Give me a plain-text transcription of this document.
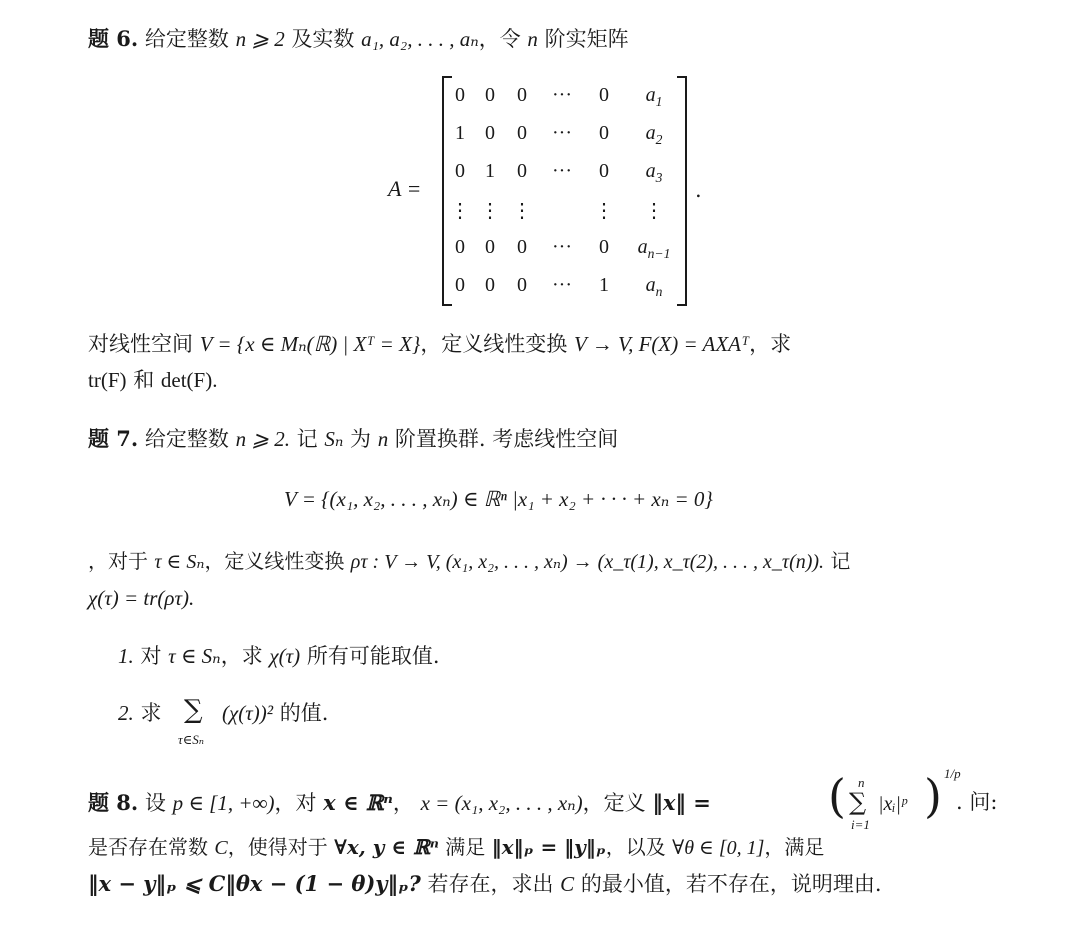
题 6. 给定整数 n ⩾ 2 及实数 a₁, a₂, . . . , aₙ，令 n 阶实矩阵
A =
0 0 0 ··· 0 $a_1$
1 0 0 ··· 0 $a_2$
0 1 0 ··· 0 $a_3$
⋮ ⋮ ⋮	⋮ ⋮
0 0 0 ··· 0 $a_{n-1}$
0 0 0 ··· 1 $a_n$
.
对线性空间 V = {x ∈ Mₙ(ℝ) | Xᵀ = X}，定义线性变换 V → V, F(X) = AXAᵀ，求
tr(F) 和 det(F).
题 7. 给定整数 n ⩾ 2. 记 Sₙ 为 n 阶置换群. 考虑线性空间
V = {(x₁, x₂, . . . , xₙ) ∈ ℝⁿ |x₁ + x₂ + · · · + xₙ = 0}
，对于 τ ∈ Sₙ，定义线性变换 ρτ : V → V, (x₁, x₂, . . . , xₙ) → (x_τ(1), x_τ(2), . . . , x_τ(n)). 记
χ(τ) = tr(ρτ).
1. 对 τ ∈ Sₙ，求 χ(τ) 所有可能取值.
2. 求 ∑
τ∈Sₙ
(χ(τ))² 的值.
题 8. 设 p ∈ [1, +∞)，对 x ∈ ℝⁿ， x = (x₁, x₂, . . . , xₙ)，定义 ‖x‖ =	( n
∑
i=1
|xᵢ|ᵖ ) 1/p
. 问:
是否存在常数 C，使得对于 ∀x, y ∈ ℝⁿ 满足 ‖x‖ₚ = ‖y‖ₚ，以及 ∀θ ∈ [0, 1]，满足
‖x − y‖ₚ ⩽ C‖θx − (1 − θ)y‖ₚ? 若存在，求出 C 的最小值，若不存在，说明理由.
